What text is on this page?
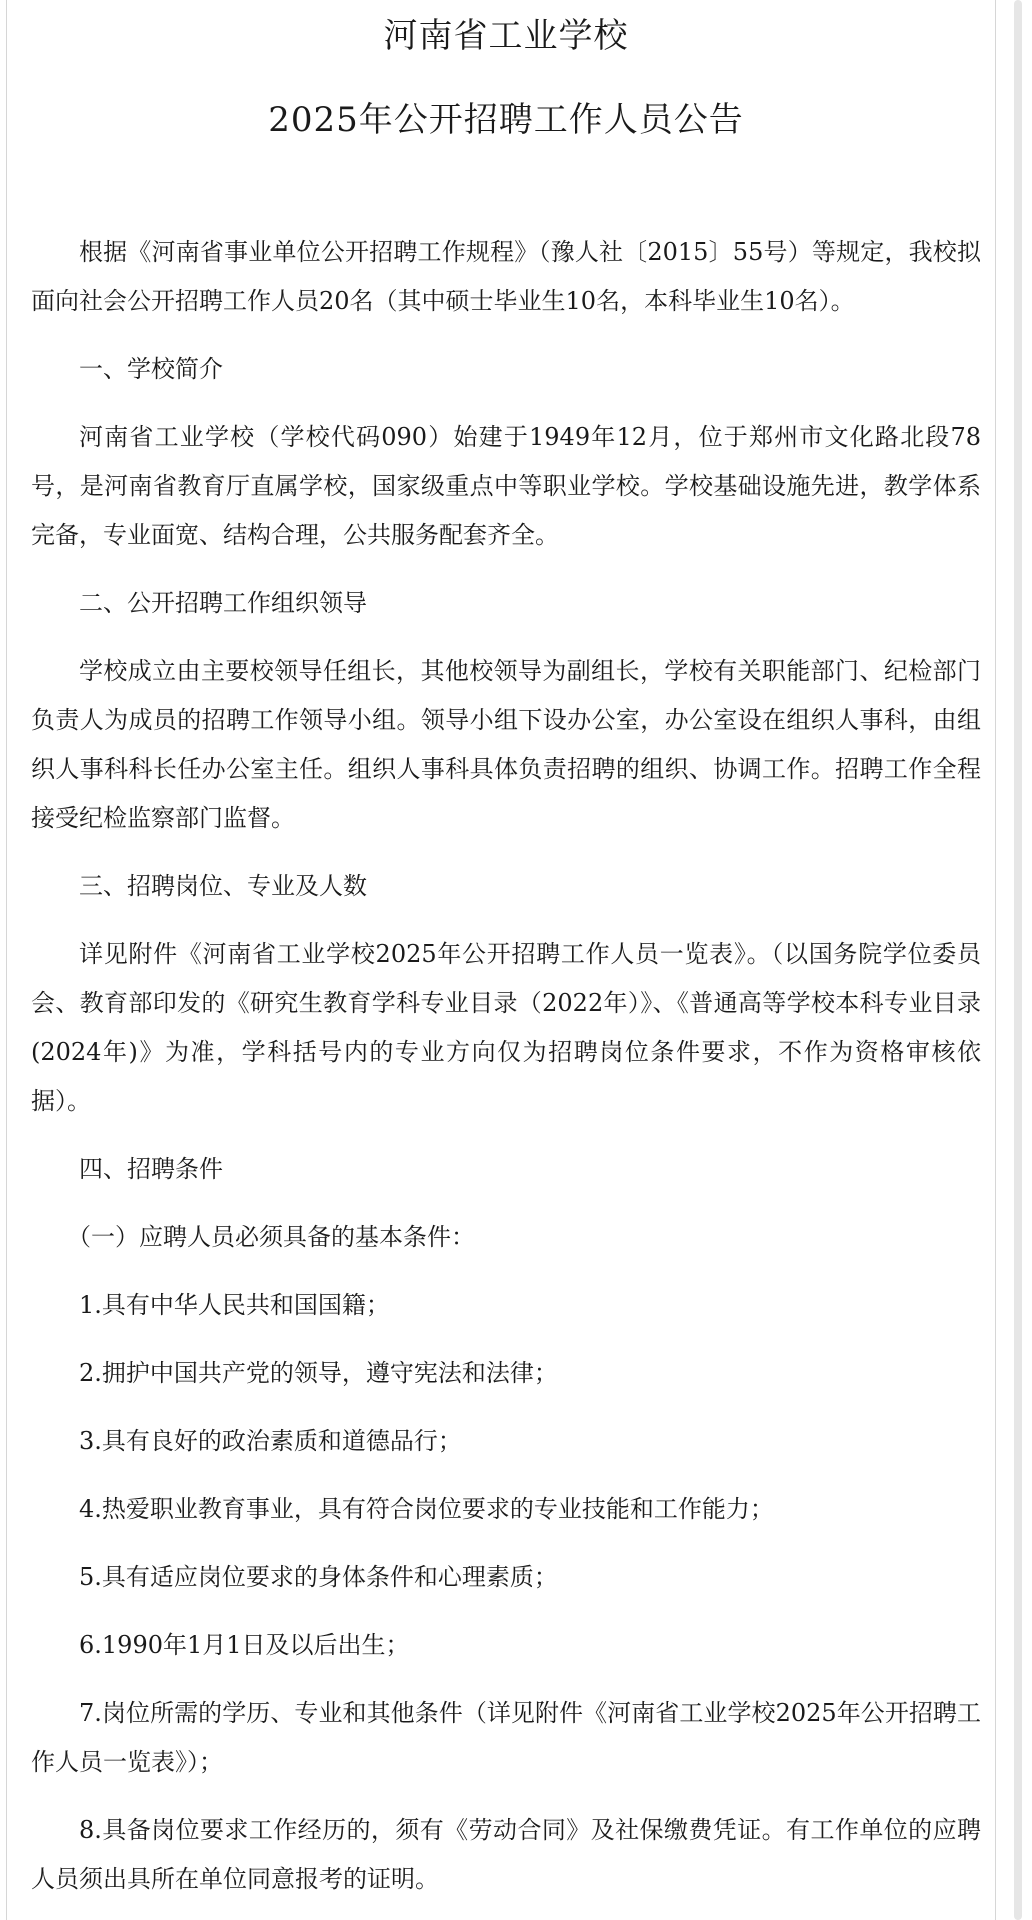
河南省工业学校
2025年公开招聘工作人员公告

根据《河南省事业单位公开招聘工作规程》（豫人社〔2015〕55号）等规定，我校拟面向社会公开招聘工作人员20名（其中硕士毕业生10名，本科毕业生10名）。

一、学校简介

河南省工业学校（学校代码090）始建于1949年12月，位于郑州市文化路北段78号，是河南省教育厅直属学校，国家级重点中等职业学校。学校基础设施先进，教学体系完备，专业面宽、结构合理，公共服务配套齐全。

二、公开招聘工作组织领导

学校成立由主要校领导任组长，其他校领导为副组长，学校有关职能部门、纪检部门负责人为成员的招聘工作领导小组。领导小组下设办公室，办公室设在组织人事科，由组织人事科科长任办公室主任。组织人事科具体负责招聘的组织、协调工作。招聘工作全程接受纪检监察部门监督。

三、招聘岗位、专业及人数

详见附件《河南省工业学校2025年公开招聘工作人员一览表》。（以国务院学位委员会、教育部印发的《研究生教育学科专业目录（2022年）》、《普通高等学校本科专业目录(2024年)》为准，学科括号内的专业方向仅为招聘岗位条件要求，不作为资格审核依据）。

四、招聘条件

（一）应聘人员必须具备的基本条件：

1.具有中华人民共和国国籍；

2.拥护中国共产党的领导，遵守宪法和法律；

3.具有良好的政治素质和道德品行；

4.热爱职业教育事业，具有符合岗位要求的专业技能和工作能力；

5.具有适应岗位要求的身体条件和心理素质；

6.1990年1月1日及以后出生；

7.岗位所需的学历、专业和其他条件（详见附件《河南省工业学校2025年公开招聘工作人员一览表》）；

8.具备岗位要求工作经历的，须有《劳动合同》及社保缴费凭证。有工作单位的应聘人员须出具所在单位同意报考的证明。
